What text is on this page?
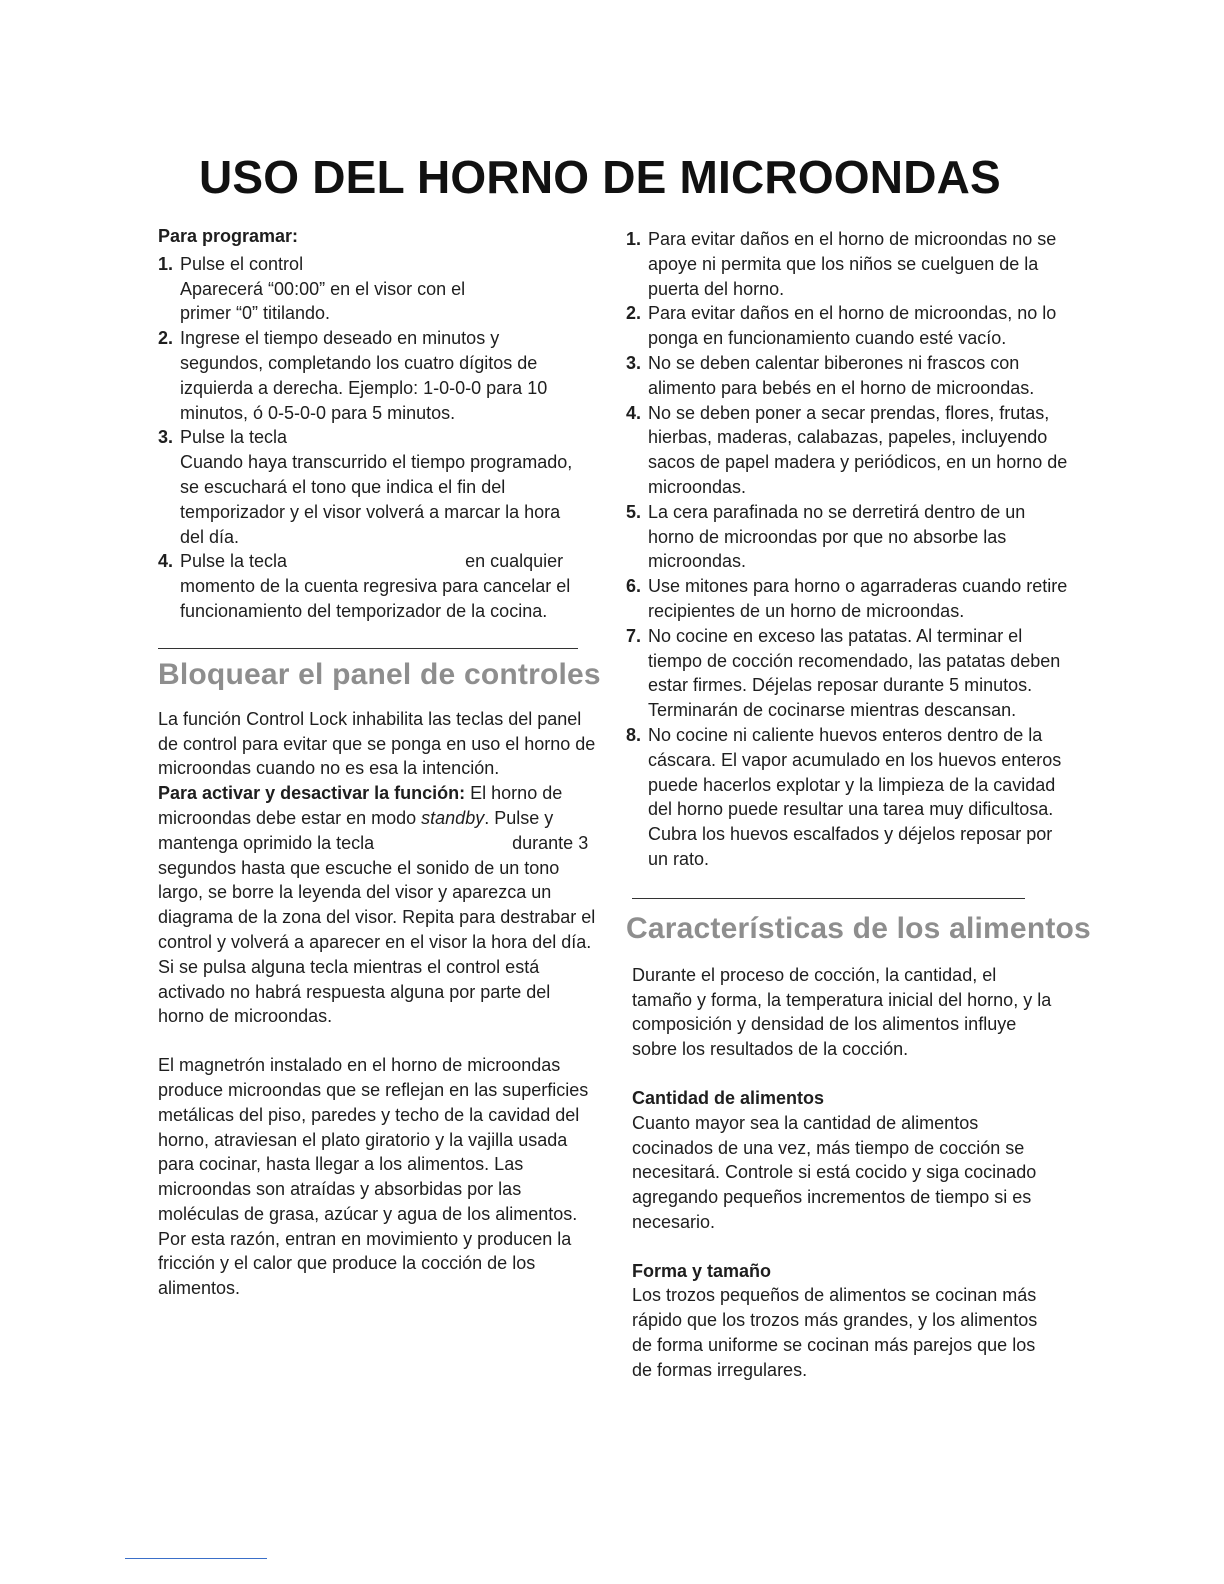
USO DEL HORNO DE MICROONDAS
Para programar:
1. Pulse el control

Aparecerá “00:00” en el visor con el primer “0” titilando.
2. Ingrese el tiempo deseado en minutos y segundos, completando los cuatro dígitos de izquierda a derecha. Ejemplo: 1-0-0-0 para 10 minutos, ó 0-5-0-0 para 5 minutos.
3. Pulse la tecla

Cuando haya transcurrido el tiempo programado, se escuchará el tono que indica el fin del temporizador y el visor volverá a marcar la hora del día.
4. Pulse la tecla	en cualquier

momento de la cuenta regresiva para cancelar el funcionamiento del temporizador de la cocina.
Bloquear el panel de controles

La función Control Lock inhabilita las teclas del panel de control para evitar que se ponga en uso el horno de microondas cuando no es esa la intención.

Para activar y desactivar la función: El horno de microondas debe estar en modo standby. Pulse y mantenga oprimido la tecla	durante 3 segundos hasta que escuche el sonido de un tono largo, se borre la leyenda del visor y aparezca un diagrama de la zona del visor. Repita para destrabar el control y volverá a aparecer en el visor la hora del día. Si se pulsa alguna tecla mientras el control está activado no habrá respuesta alguna por parte del horno de microondas.

El magnetrón instalado en el horno de microondas produce microondas que se reflejan en las superficies metálicas del piso, paredes y techo de la cavidad del horno, atraviesan el plato giratorio y la vajilla usada para cocinar, hasta llegar a los alimentos. Las microondas son atraídas y absorbidas por las moléculas de grasa, azúcar y agua de los alimentos. Por esta razón, entran en movimiento y producen la fricción y el calor que produce la cocción de los alimentos.

1. Para evitar daños en el horno de microondas no se apoye ni permita que los niños se cuelguen de la puerta del horno.
2. Para evitar daños en el horno de microondas, no lo ponga en funcionamiento cuando esté vacío.
3. No se deben calentar biberones ni frascos con alimento para bebés en el horno de microondas.
4. No se deben poner a secar prendas, flores, frutas, hierbas, maderas, calabazas, papeles, incluyendo sacos de papel madera y periódicos, en un horno de microondas.
5. La cera parafinada no se derretirá dentro de un horno de microondas por que no absorbe las microondas.
6. Use mitones para horno o agarraderas cuando retire recipientes de un horno de microondas.
7. No cocine en exceso las patatas. Al terminar el tiempo de cocción recomendado, las patatas deben estar firmes. Déjelas reposar durante 5 minutos. Terminarán de cocinarse mientras descansan.
8. No cocine ni caliente huevos enteros dentro de la cáscara. El vapor acumulado en los huevos enteros puede hacerlos explotar y la limpieza de la cavidad del horno puede resultar una tarea muy dificultosa. Cubra los huevos escalfados y déjelos reposar por un rato.
Características de los alimentos

Durante el proceso de cocción, la cantidad, el tamaño y forma, la temperatura inicial del horno, y la composición y densidad de los alimentos influye sobre los resultados de la cocción.

Cantidad de alimentos

Cuanto mayor sea la cantidad de alimentos cocinados de una vez, más tiempo de cocción se necesitará. Controle si está cocido y siga cocinado agregando pequeños incrementos de tiempo si es necesario.

Forma y tamaño

Los trozos pequeños de alimentos se cocinan más rápido que los trozos más grandes, y los alimentos de forma uniforme se cocinan más parejos que los de formas irregulares.
